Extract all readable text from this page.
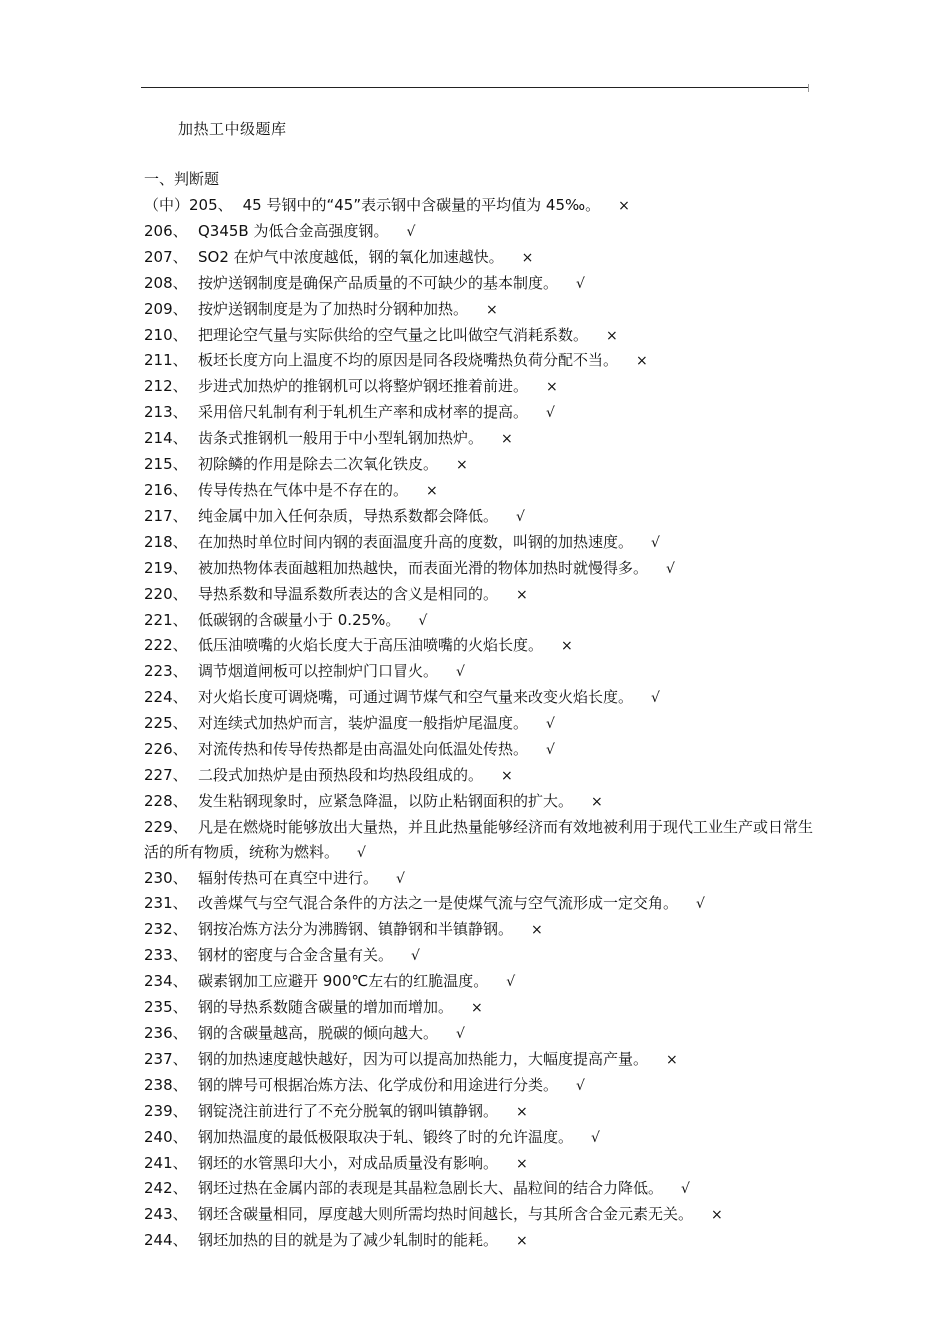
加热工中级题库
一、判断题
（中）205、 45 号钢中的“45”表示钢中含碳量的平均值为 45‰。 ×
206、 Q345B 为低合金高强度钢。 √
207、 SO2 在炉气中浓度越低，钢的氧化加速越快。 ×
208、 按炉送钢制度是确保产品质量的不可缺少的基本制度。 √
209、 按炉送钢制度是为了加热时分钢种加热。 ×
210、 把理论空气量与实际供给的空气量之比叫做空气消耗系数。 ×
211、 板坯长度方向上温度不均的原因是同各段烧嘴热负荷分配不当。 ×
212、 步进式加热炉的推钢机可以将整炉钢坯推着前进。 ×
213、 采用倍尺轧制有利于轧机生产率和成材率的提高。 √
214、 齿条式推钢机一般用于中小型轧钢加热炉。 ×
215、 初除鳞的作用是除去二次氧化铁皮。 ×
216、 传导传热在气体中是不存在的。 ×
217、 纯金属中加入任何杂质，导热系数都会降低。 √
218、 在加热时单位时间内钢的表面温度升高的度数，叫钢的加热速度。 √
219、 被加热物体表面越粗加热越快，而表面光滑的物体加热时就慢得多。 √
220、 导热系数和导温系数所表达的含义是相同的。 ×
221、 低碳钢的含碳量小于 0.25%。 √
222、 低压油喷嘴的火焰长度大于高压油喷嘴的火焰长度。 ×
223、 调节烟道闸板可以控制炉门口冒火。 √
224、 对火焰长度可调烧嘴，可通过调节煤气和空气量来改变火焰长度。 √
225、 对连续式加热炉而言，装炉温度一般指炉尾温度。 √
226、 对流传热和传导传热都是由高温处向低温处传热。 √
227、 二段式加热炉是由预热段和均热段组成的。 ×
228、 发生粘钢现象时，应紧急降温，以防止粘钢面积的扩大。 ×
229、 凡是在燃烧时能够放出大量热，并且此热量能够经济而有效地被利用于现代工业生产或日常生活的所有物质，统称为燃料。 √
230、 辐射传热可在真空中进行。 √
231、 改善煤气与空气混合条件的方法之一是使煤气流与空气流形成一定交角。 √
232、 钢按冶炼方法分为沸腾钢、镇静钢和半镇静钢。 ×
233、 钢材的密度与合金含量有关。 √
234、 碳素钢加工应避开 900℃左右的红脆温度。 √
235、 钢的导热系数随含碳量的增加而增加。 ×
236、 钢的含碳量越高，脱碳的倾向越大。 √
237、 钢的加热速度越快越好，因为可以提高加热能力，大幅度提高产量。 ×
238、 钢的牌号可根据冶炼方法、化学成份和用途进行分类。 √
239、 钢锭浇注前进行了不充分脱氧的钢叫镇静钢。 ×
240、 钢加热温度的最低极限取决于轧、锻终了时的允许温度。 √
241、 钢坯的水管黑印大小，对成品质量没有影响。 ×
242、 钢坯过热在金属内部的表现是其晶粒急剧长大、晶粒间的结合力降低。 √
243、 钢坯含碳量相同，厚度越大则所需均热时间越长，与其所含合金元素无关。 ×
244、 钢坯加热的目的就是为了减少轧制时的能耗。 ×
